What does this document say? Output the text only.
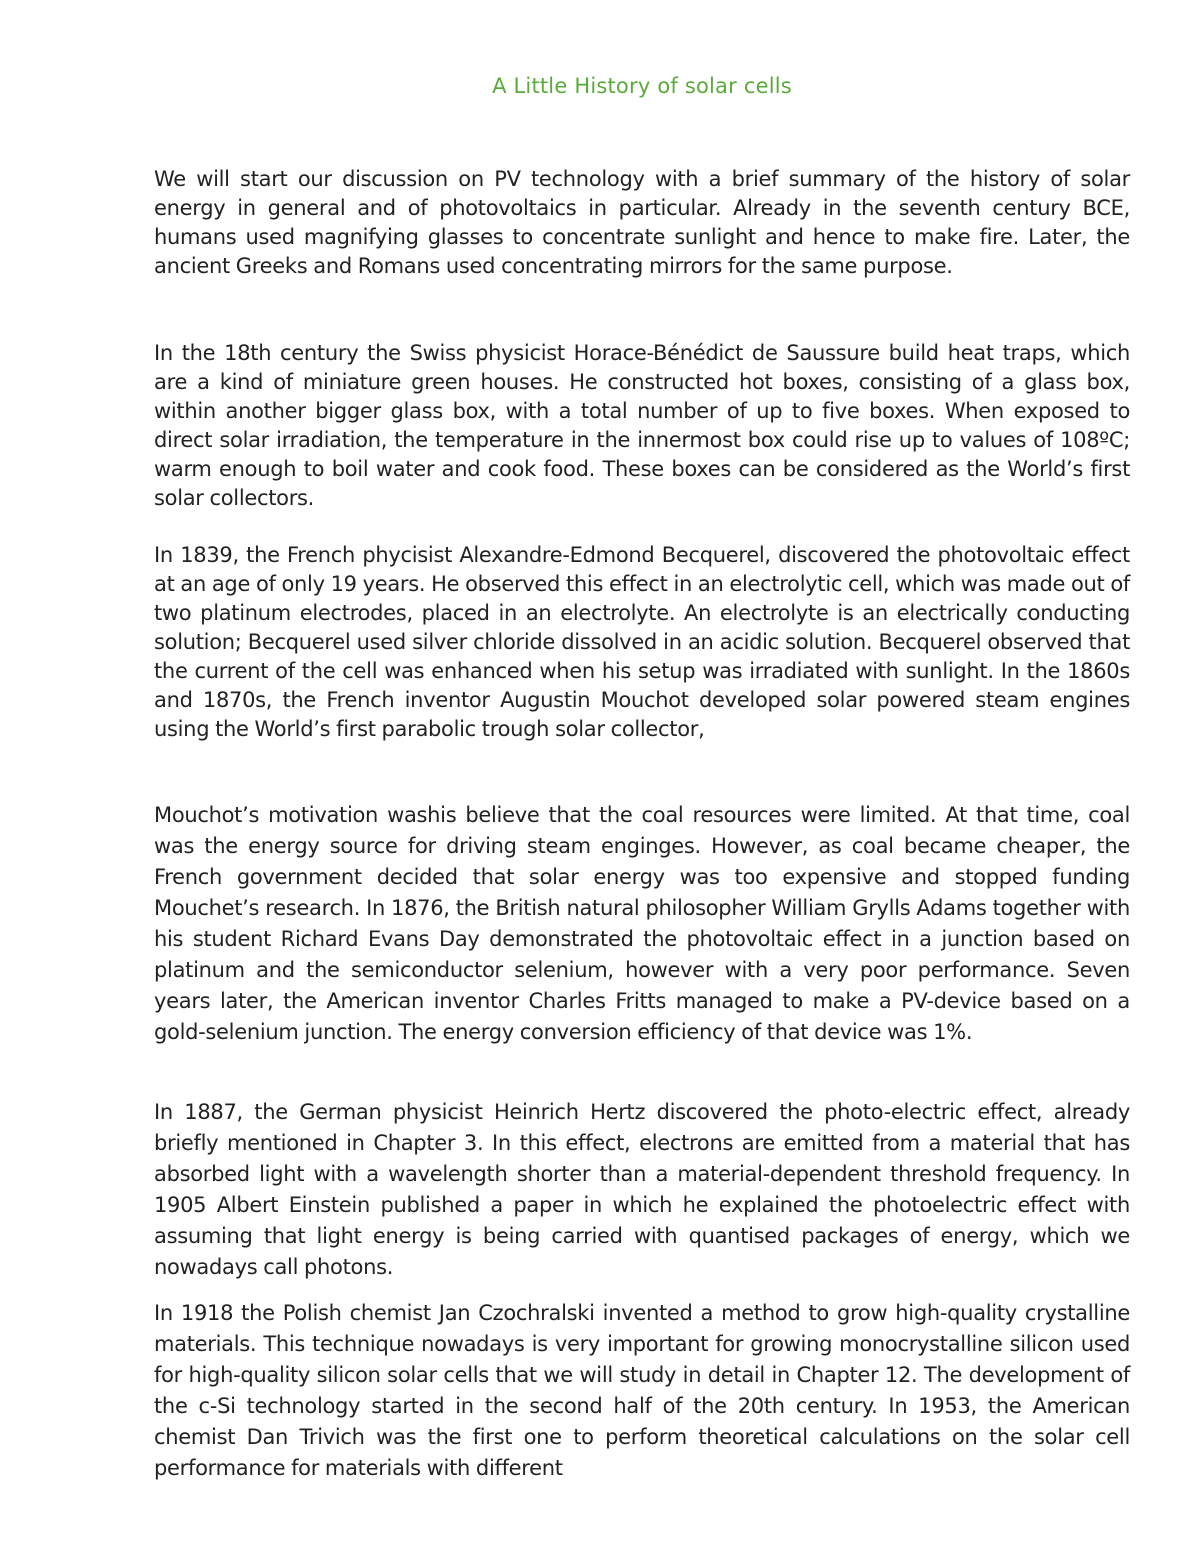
A Little History of solar cells

We will start our discussion on PV technology with a brief summary of the history of solar energy in general and of photovoltaics in particular. Already in the seventh century BCE, humans used magnifying glasses to concentrate sunlight and hence to make fire. Later, the ancient Greeks and Romans used concentrating mirrors for the same purpose.

In the 18th century the Swiss physicist Horace-Bénédict de Saussure build heat traps, which are a kind of miniature green houses. He constructed hot boxes, consisting of a glass box, within another bigger glass box, with a total number of up to five boxes. When exposed to direct solar irradiation, the temperature in the innermost box could rise up to values of 108ºC; warm enough to boil water and cook food. These boxes can be considered as the World’s first solar collectors.

In 1839, the French phycisist Alexandre-Edmond Becquerel, discovered the photovoltaic effect at an age of only 19 years. He observed this effect in an electrolytic cell, which was made out of two platinum electrodes, placed in an electrolyte. An electrolyte is an electrically conducting solution; Becquerel used silver chloride dissolved in an acidic solution. Becquerel observed that the current of the cell was enhanced when his setup was irradiated with sunlight. In the 1860s and 1870s, the French inventor Augustin Mouchot developed solar powered steam engines using the World’s first parabolic trough solar collector,

Mouchot’s motivation washis believe that the coal resources were limited. At that time, coal was the energy source for driving steam enginges. However, as coal became cheaper, the French government decided that solar energy was too expensive and stopped funding Mouchet’s research. In 1876, the British natural philosopher William Grylls Adams together with his student Richard Evans Day demonstrated the photovoltaic effect in a junction based on platinum and the semiconductor selenium, however with a very poor performance. Seven years later, the American inventor Charles Fritts managed to make a PV-device based on a gold-selenium junction. The energy conversion efficiency of that device was 1%.

In 1887, the German physicist Heinrich Hertz discovered the photo-electric effect, already briefly mentioned in Chapter 3. In this effect, electrons are emitted from a material that has absorbed light with a wavelength shorter than a material-dependent threshold frequency. In 1905 Albert Einstein published a paper in which he explained the photoelectric effect with assuming that light energy is being carried with quantised packages of energy, which we nowadays call photons.

In 1918 the Polish chemist Jan Czochralski invented a method to grow high-quality crystalline materials. This technique nowadays is very important for growing monocrystalline silicon used for high-quality silicon solar cells that we will study in detail in Chapter 12. The development of the c-Si technology started in the second half of the 20th century. In 1953, the American chemist Dan Trivich was the first one to perform theoretical calculations on the solar cell performance for materials with different
